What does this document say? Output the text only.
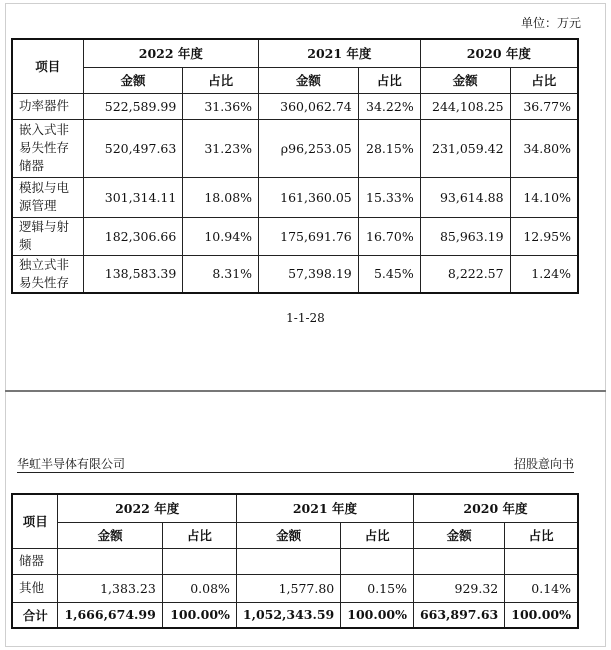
单位：万元
项目	2022 年度		2021 年度		2020 年度	
	金额	占比	金额	占比	金额	占比
功率器件	522,589.99	31.36%	360,062.74	34.22%	244,108.25	36.77%
嵌入式非易失性存储器	520,497.63	31.23%	ρ96,253.05	28.15%	231,059.42	34.80%
模拟与电源管理	301,314.11	18.08%	161,360.05	15.33%	93,614.88	14.10%
逻辑与射频	182,306.66	10.94%	175,691.76	16.70%	85,963.19	12.95%
独立式非易失性存	138,583.39	8.31%	57,398.19	5.45%	8,222.57	1.24%
1-1-28
华虹半导体有限公司	招股意向书
项目	2022 年度		2021 年度		2020 年度	
	金额	占比	金额	占比	金额	占比
储器						
其他	1,383.23	0.08%	1,577.80	0.15%	929.32	0.14%
合计	1,666,674.99	100.00%	1,052,343.59	100.00%	663,897.63	100.00%
